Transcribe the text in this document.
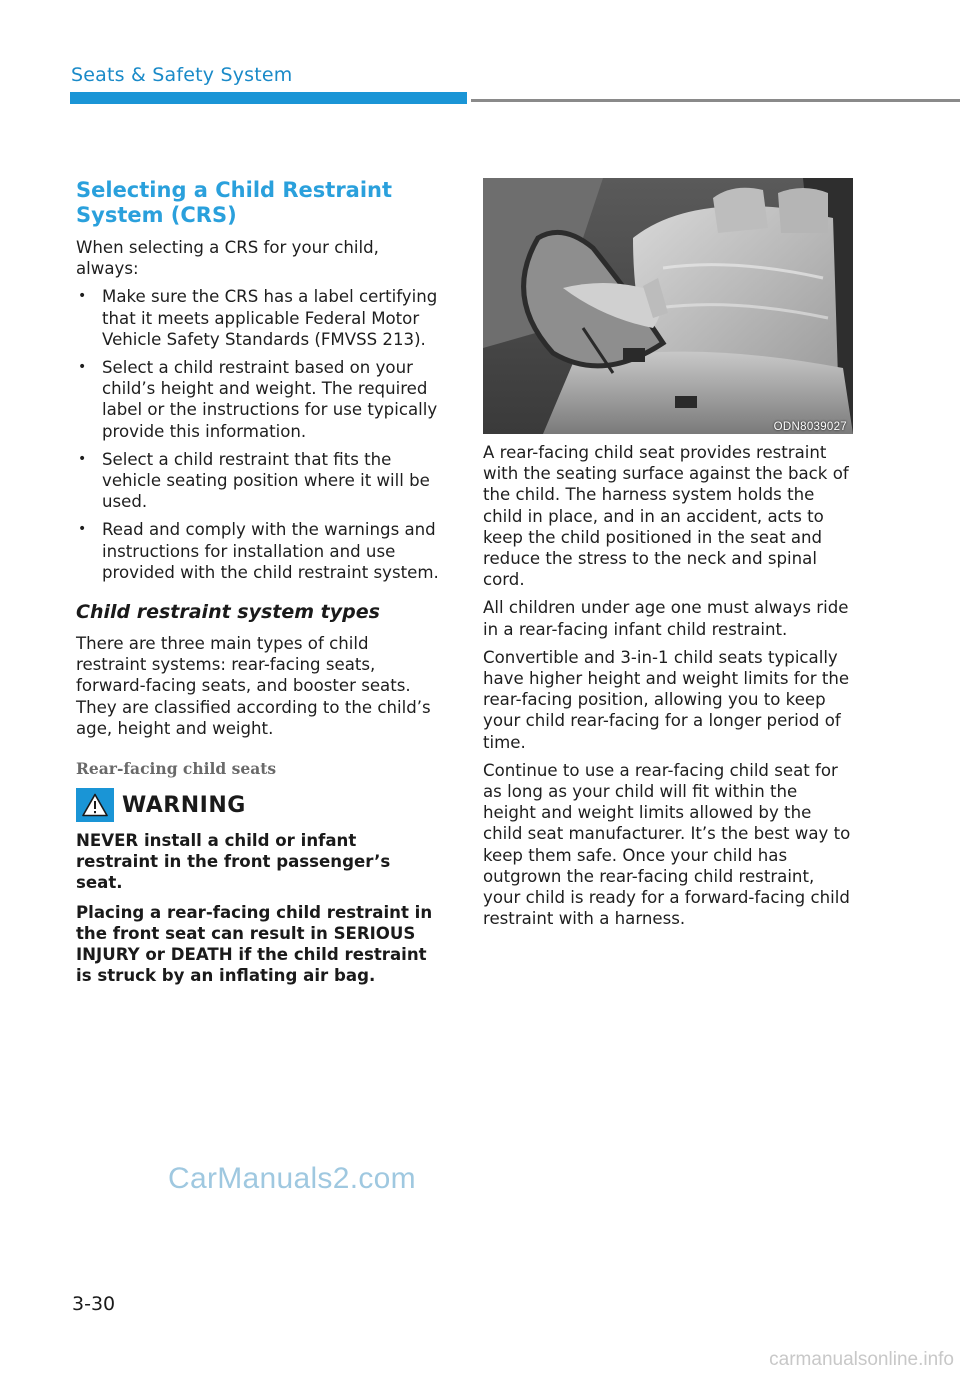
Seats & Safety System
Selecting a Child Restraint System (CRS)

When selecting a CRS for your child, always:

• Make sure the CRS has a label certifying that it meets applicable Federal Motor Vehicle Safety Standards (FMVSS 213).
• Select a child restraint based on your child’s height and weight. The required label or the instructions for use typically provide this information.
• Select a child restraint that fits the vehicle seating position where it will be used.
• Read and comply with the warnings and instructions for installation and use provided with the child restraint system.
Child restraint system types

There are three main types of child restraint systems: rear-facing seats, forward-facing seats, and booster seats. They are classified according to the child’s age, height and weight.

Rear-facing child seats
WARNING

NEVER install a child or infant restraint in the front passenger’s seat.

Placing a rear-facing child restraint in the front seat can result in SERIOUS INJURY or DEATH if the child restraint is struck by an inflating air bag.

ODN8039027

A rear-facing child seat provides restraint with the seating surface against the back of the child. The harness system holds the child in place, and in an accident, acts to keep the child positioned in the seat and reduce the stress to the neck and spinal cord.

All children under age one must always ride in a rear-facing infant child restraint.

Convertible and 3-in-1 child seats typically have higher height and weight limits for the rear-facing position, allowing you to keep your child rear-facing for a longer period of time.

Continue to use a rear-facing child seat for as long as your child will fit within the height and weight limits allowed by the child seat manufacturer. It’s the best way to keep them safe. Once your child has outgrown the rear-facing child restraint, your child is ready for a forward-facing child restraint with a harness.

CarManuals2.com
3-30
carmanualsonline.info
